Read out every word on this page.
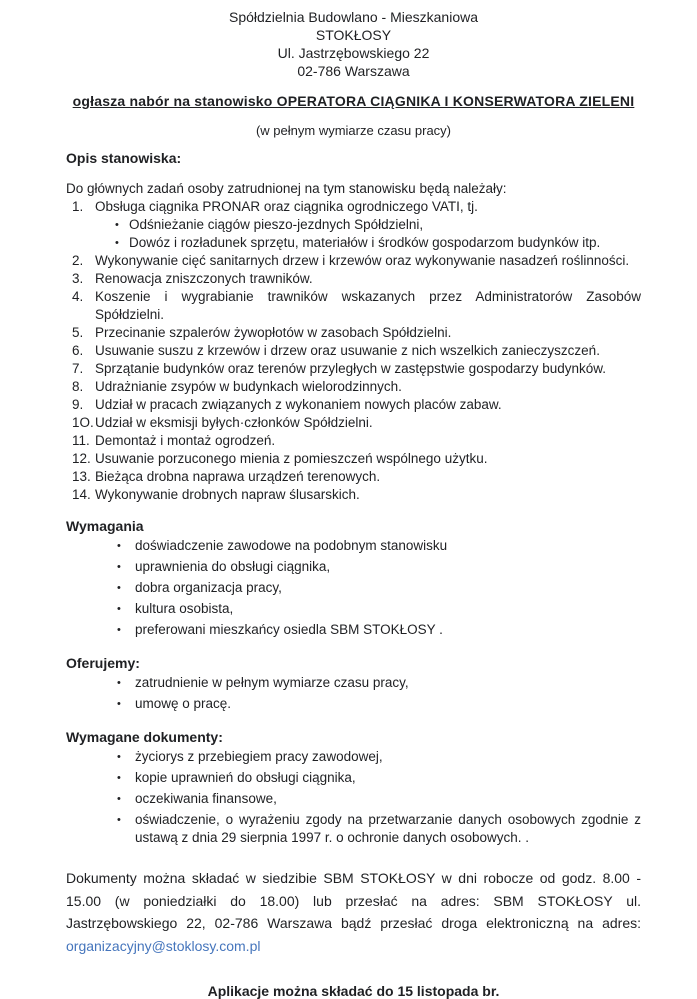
Spółdzielnia Budowlano - Mieszkaniowa
STOKŁOSY
Ul. Jastrzębowskiego 22
02-786 Warszawa
ogłasza nabór na stanowisko OPERATORA CIĄGNIKA I KONSERWATORA ZIELENI
(w pełnym wymiarze czasu pracy)
Opis stanowiska:

Do głównych zadań osoby zatrudnionej na tym stanowisku będą należały:

1. Obsługa ciągnika PRONAR oraz ciągnika ogrodniczego VATI, tj.
• Odśnieżanie ciągów pieszo-jezdnych Spółdzielni,
• Dowóz i rozładunek sprzętu, materiałów i środków gospodarzom budynków itp.
2. Wykonywanie cięć sanitarnych drzew i krzewów oraz wykonywanie nasadzeń roślinności.
3. Renowacja zniszczonych trawników.
4. Koszenie i wygrabianie trawników wskazanych przez Administratorów Zasobów Spółdzielni.
5. Przecinanie szpalerów żywopłotów w zasobach Spółdzielni.
6. Usuwanie suszu z krzewów i drzew oraz usuwanie z nich wszelkich zanieczyszczeń.
7. Sprzątanie budynków oraz terenów przyległych w zastępstwie gospodarzy budynków.
8. Udrażnianie zsypów w budynkach wielorodzinnych.
9. Udział w pracach związanych z wykonaniem nowych placów zabaw.
1O. Udział w eksmisji byłych·członków Spółdzielni.
11. Demontaż i montaż ogrodzeń.
12. Usuwanie porzuconego mienia z pomieszczeń wspólnego użytku.
13. Bieżąca drobna naprawa urządzeń terenowych.
14. Wykonywanie drobnych napraw ślusarskich.
Wymagania
•	doświadczenie zawodowe na podobnym stanowisku
•	uprawnienia do obsługi ciągnika,
•	dobra organizacja pracy,
•	kultura osobista,
•	preferowani mieszkańcy osiedla SBM STOKŁOSY .
Oferujemy:
•	zatrudnienie w pełnym wymiarze czasu pracy,
•	umowę o pracę.
Wymagane dokumenty:
•	życiorys z przebiegiem pracy zawodowej,
•	kopie uprawnień do obsługi ciągnika,
•	oczekiwania finansowe,
•	oświadczenie, o wyrażeniu zgody na przetwarzanie danych osobowych zgodnie z ustawą z dnia 29 sierpnia 1997 r. o ochronie danych osobowych. .

Dokumenty można składać w siedzibie SBM STOKŁOSY w dni robocze od godz. 8.00 - 15.00 (w poniedziałki do 18.00) lub przesłać na adres: SBM STOKŁOSY ul. Jastrzębowskiego 22, 02-786 Warszawa bądź przesłać droga elektroniczną na adres: organizacyjny@stoklosy.com.pl

Aplikacje można składać do 15 listopada br.
